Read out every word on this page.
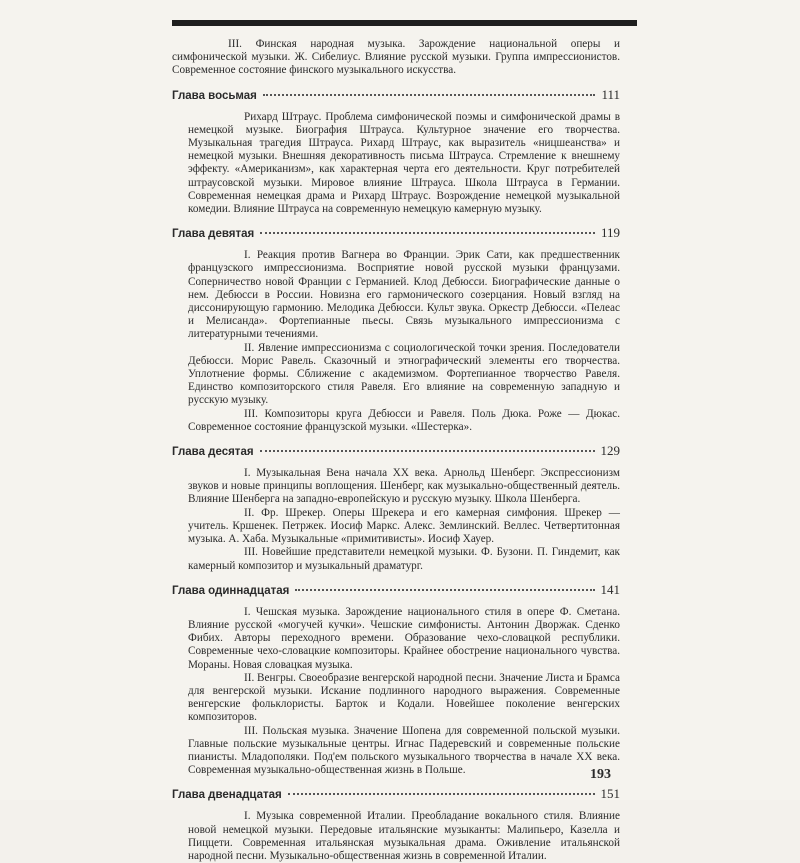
III. Финская народная музыка. Зарождение национальной оперы и симфонической музыки. Ж. Сибелиус. Влияние русской музыки. Группа импрессионистов. Современное состояние финского музыкального искусства.

Глава восьмая	111

Рихард Штраус. Проблема симфонической поэмы и симфонической драмы в немецкой музыке. Биография Штрауса. Культурное значение его творчества. Музыкальная трагедия Штрауса. Рихард Штраус, как выразитель «ницшеанства» и немецкой музыки. Внешняя декоративность письма Штрауса. Стремление к внешнему эффекту. «Американизм», как характерная черта его деятельности. Круг потребителей штраусовской музыки. Мировое влияние Штрауса. Школа Штрауса в Германии. Современная немецкая драма и Рихард Штраус. Возрождение немецкой музыкальной комедии. Влияние Штрауса на современную немецкую камерную музыку.

Глава девятая	119

I. Реакция против Вагнера во Франции. Эрик Сати, как предшественник французского импрессионизма. Восприятие новой русской музыки французами. Соперничество новой Франции с Германией. Клод Дебюсси. Биографические данные о нем. Дебюсси в России. Новизна его гармонического созерцания. Новый взгляд на диссонирующую гармонию. Мелодика Дебюсси. Культ звука. Оркестр Дебюсси. «Пелеас и Мелисанда». Фортепианные пьесы. Связь музыкального импрессионизма с литературными течениями.

II. Явление импрессионизма с социологической точки зрения. Последователи Дебюсси. Морис Равель. Сказочный и этнографический элементы его творчества. Уплотнение формы. Сближение с академизмом. Фортепианное творчество Равеля. Единство композиторского стиля Равеля. Его влияние на современную западную и русскую музыку.

III. Композиторы круга Дебюсси и Равеля. Поль Дюка. Роже — Дюкас. Современное состояние французской музыки. «Шестерка».

Глава десятая	129

I. Музыкальная Вена начала XX века. Арнольд Шенберг. Экспрессионизм звуков и новые принципы воплощения. Шенберг, как музыкально-общественный деятель. Влияние Шенберга на западно-европейскую и русскую музыку. Школа Шенберга.

II. Фр. Шрекер. Оперы Шрекера и его камерная симфония. Шрекер — учитель. Кршенек. Петржек. Иосиф Маркс. Алекс. Землинский. Веллес. Четвертитонная музыка. А. Хаба. Музыкальные «примитивисты». Иосиф Хауер.

III. Новейшие представители немецкой музыки. Ф. Бузони. П. Гиндемит, как камерный композитор и музыкальный драматург.

Глава одиннадцатая	141

I. Чешская музыка. Зарождение национального стиля в опере Ф. Сметана. Влияние русской «могучей кучки». Чешские симфонисты. Антонин Дворжак. Сденко Фибих. Авторы переходного времени. Образование чехо-словацкой республики. Современные чехо-словацкие композиторы. Крайнее обострение национального чувства. Мораны. Новая словацкая музыка.

II. Венгры. Своеобразие венгерской народной песни. Значение Листа и Брамса для венгерской музыки. Искание подлинного народного выражения. Современные венгерские фольклористы. Барток и Кодали. Новейшее поколение венгерских композиторов.

III. Польская музыка. Значение Шопена для современной польской музыки. Главные польские музыкальные центры. Игнас Падеревский и современные польские пианисты. Младополяки. Под'ем польского музыкального творчества в начале XX века. Современная музыкально-общественная жизнь в Польше.

Глава двенадцатая	151

I. Музыка современной Италии. Преобладание вокального стиля. Влияние новой немецкой музыки. Передовые итальянские музыканты: Малипьеро, Казелла и Пиццети. Современная итальянская музыкальная драма. Оживление итальянской народной песни. Музыкально-общественная жизнь в современной Италии.

193
